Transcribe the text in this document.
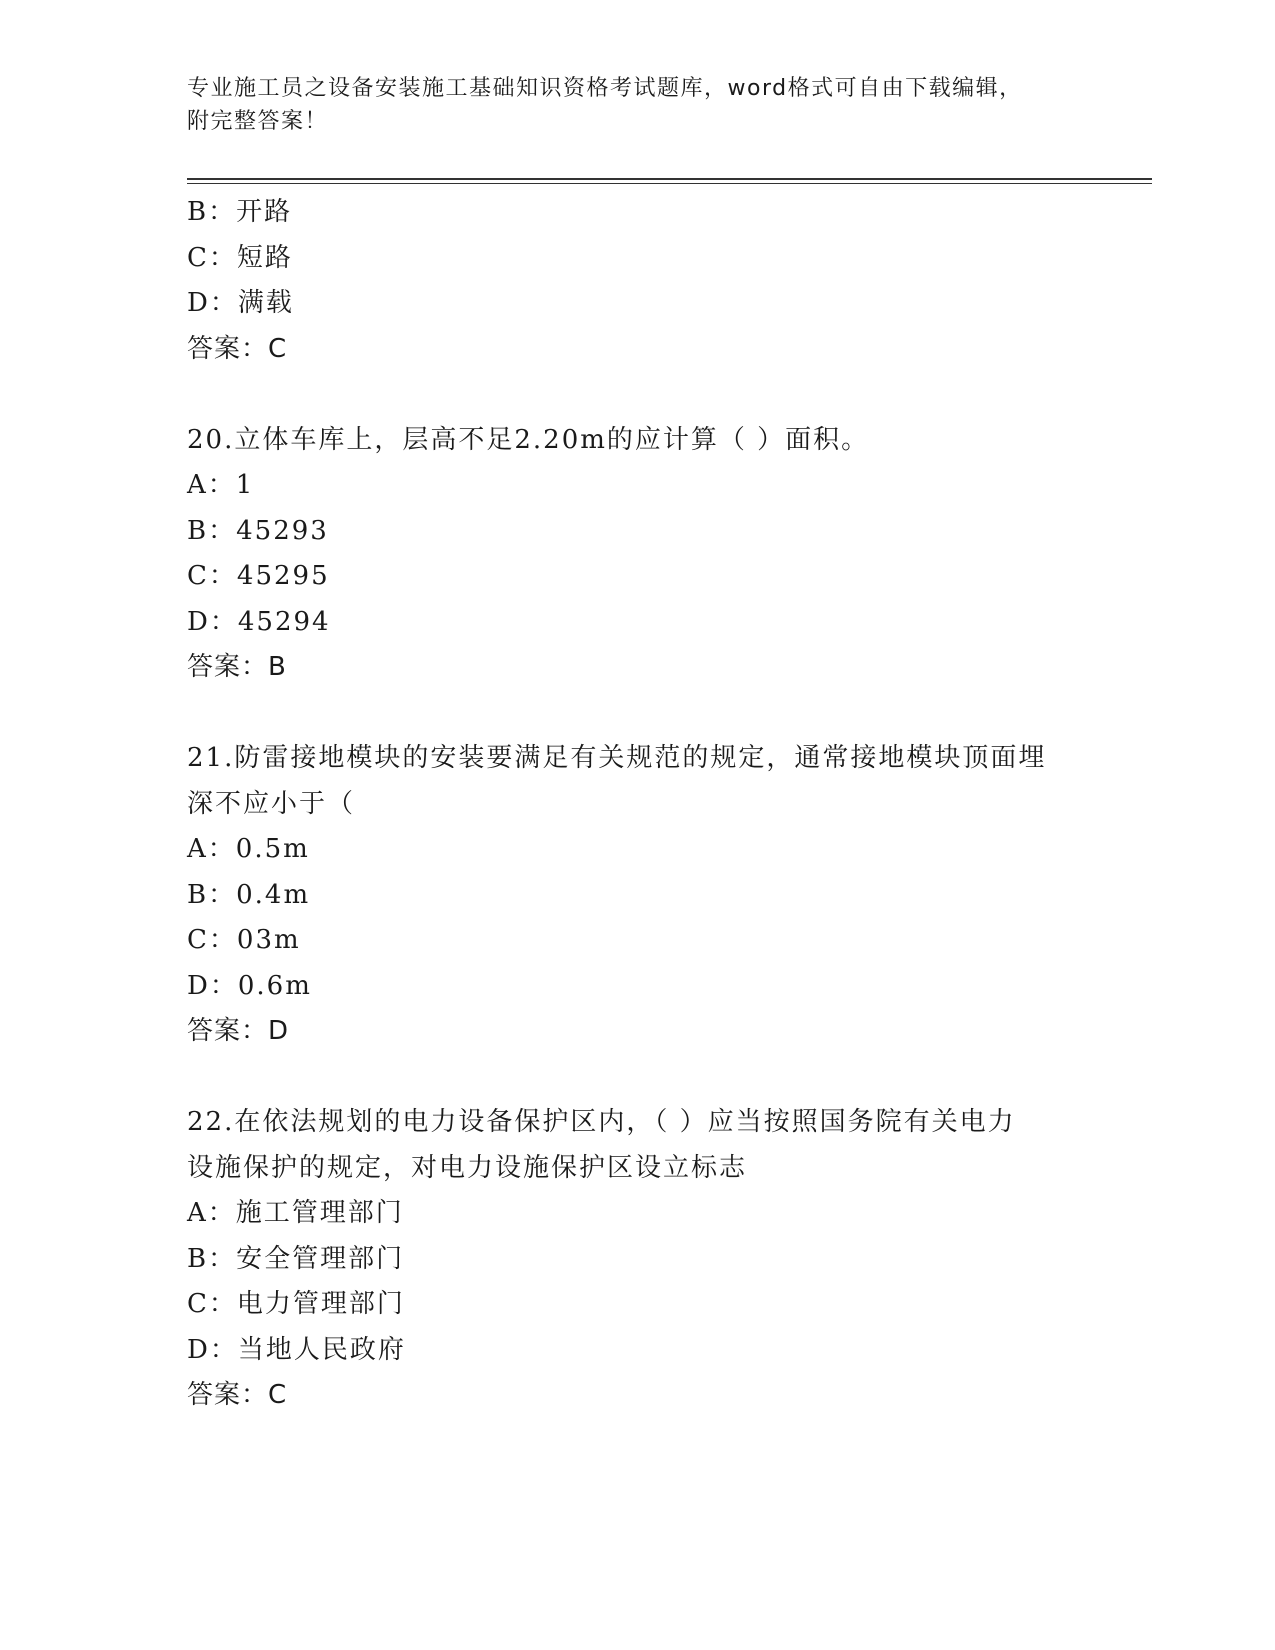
专业施工员之设备安装施工基础知识资格考试题库，word格式可自由下载编辑，
附完整答案！
B：开路
C：短路
D：满载
答案：C
20.立体车库上，层高不足2.20m的应计算（ ）面积。
A：1
B：45293
C：45295
D：45294
答案：B
21.防雷接地模块的安装要满足有关规范的规定，通常接地模块顶面埋
深不应小于（
A：0.5m
B：0.4m
C：03m
D：0.6m
答案：D
22.在依法规划的电力设备保护区内，（ ）应当按照国务院有关电力
设施保护的规定，对电力设施保护区设立标志
A：施工管理部门
B：安全管理部门
C：电力管理部门
D：当地人民政府
答案：C
